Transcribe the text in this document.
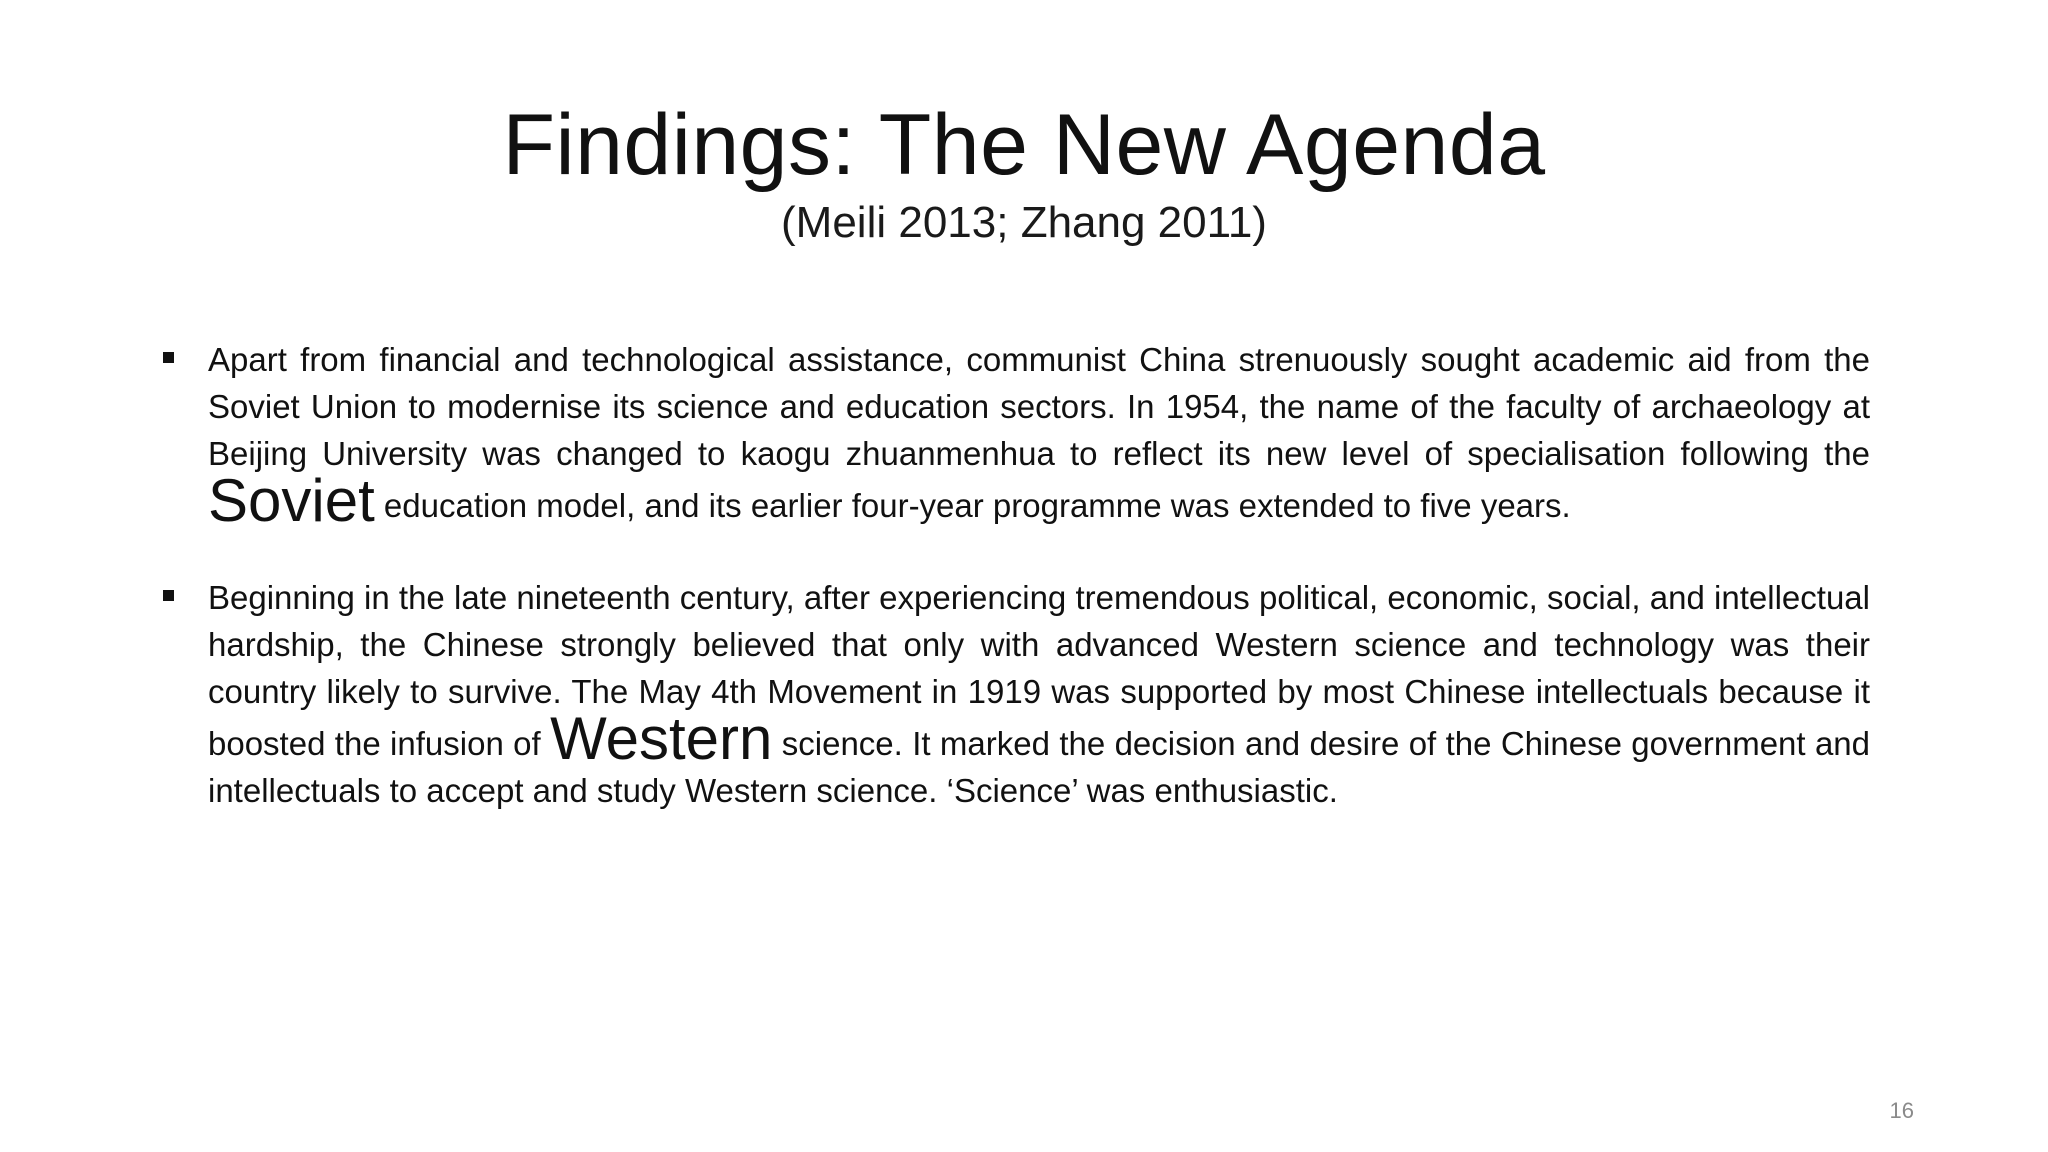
Findings: The New Agenda
(Meili 2013; Zhang 2011)
Apart from financial and technological assistance, communist China strenuously sought academic aid from the Soviet Union to modernise its science and education sectors. In 1954, the name of the faculty of archaeology at Beijing University was changed to kaogu zhuanmenhua to reflect its new level of specialisation following the Soviet education model, and its earlier four-year programme was extended to five years.
Beginning in the late nineteenth century, after experiencing tremendous political, economic, social, and intellectual hardship, the Chinese strongly believed that only with advanced Western science and technology was their country likely to survive. The May 4th Movement in 1919 was supported by most Chinese intellectuals because it boosted the infusion of Western science. It marked the decision and desire of the Chinese government and intellectuals to accept and study Western science. ‘Science’ was enthusiastic.
16
